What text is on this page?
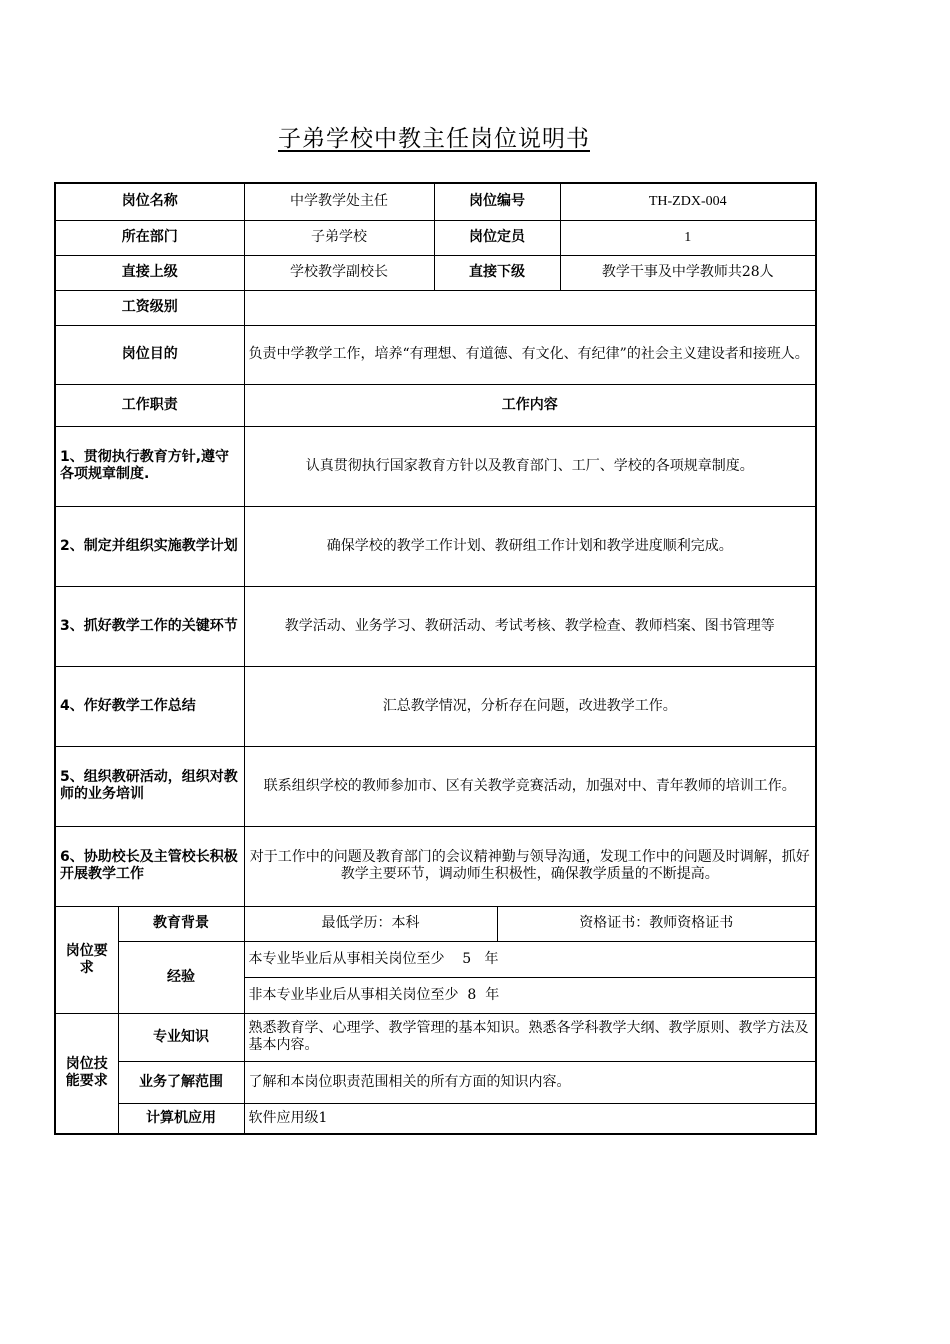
子弟学校中教主任岗位说明书
岗位名称		中学教学处主任	岗位编号		TH-ZDX-004
所在部门		子弟学校	岗位定员		1
直接上级		学校教学副校长	直接下级		教学干事及中学教师共28人
工资级别					
岗位目的		负责中学教学工作，培养“有理想、有道德、有文化、有纪律”的社会主义建设者和接班人。			
工作职责		工作内容			
1、贯彻执行教育方针,遵守各项规章制度.		认真贯彻执行国家教育方针以及教育部门、工厂、学校的各项规章制度。			
2、制定并组织实施教学计划		确保学校的教学工作计划、教研组工作计划和教学进度顺利完成。			
3、抓好教学工作的关键环节		教学活动、业务学习、教研活动、考试考核、教学检查、教师档案、图书管理等			
4、作好教学工作总结		汇总教学情况，分析存在问题，改进教学工作。			
5、组织教研活动，组织对教师的业务培训		联系组织学校的教师参加市、区有关教学竞赛活动，加强对中、青年教师的培训工作。			
6、协助校长及主管校长积极开展教学工作		对于工作中的问题及教育部门的会议精神勤与领导沟通，发现工作中的问题及时调解，抓好教学主要环节，调动师生积极性，确保教学质量的不断提高。			
岗位要求	教育背景	最低学历：本科		资格证书：教师资格证书	
	经验	本专业毕业后从事相关岗位至少    5   年			
		非本专业毕业后从事相关岗位至少  8  年			
岗位技能要求	专业知识	熟悉教育学、心理学、教学管理的基本知识。熟悉各学科教学大纲、教学原则、教学方法及基本内容。			
	业务了解范围	了解和本岗位职责范围相关的所有方面的知识内容。			
	计算机应用	软件应用级1			
